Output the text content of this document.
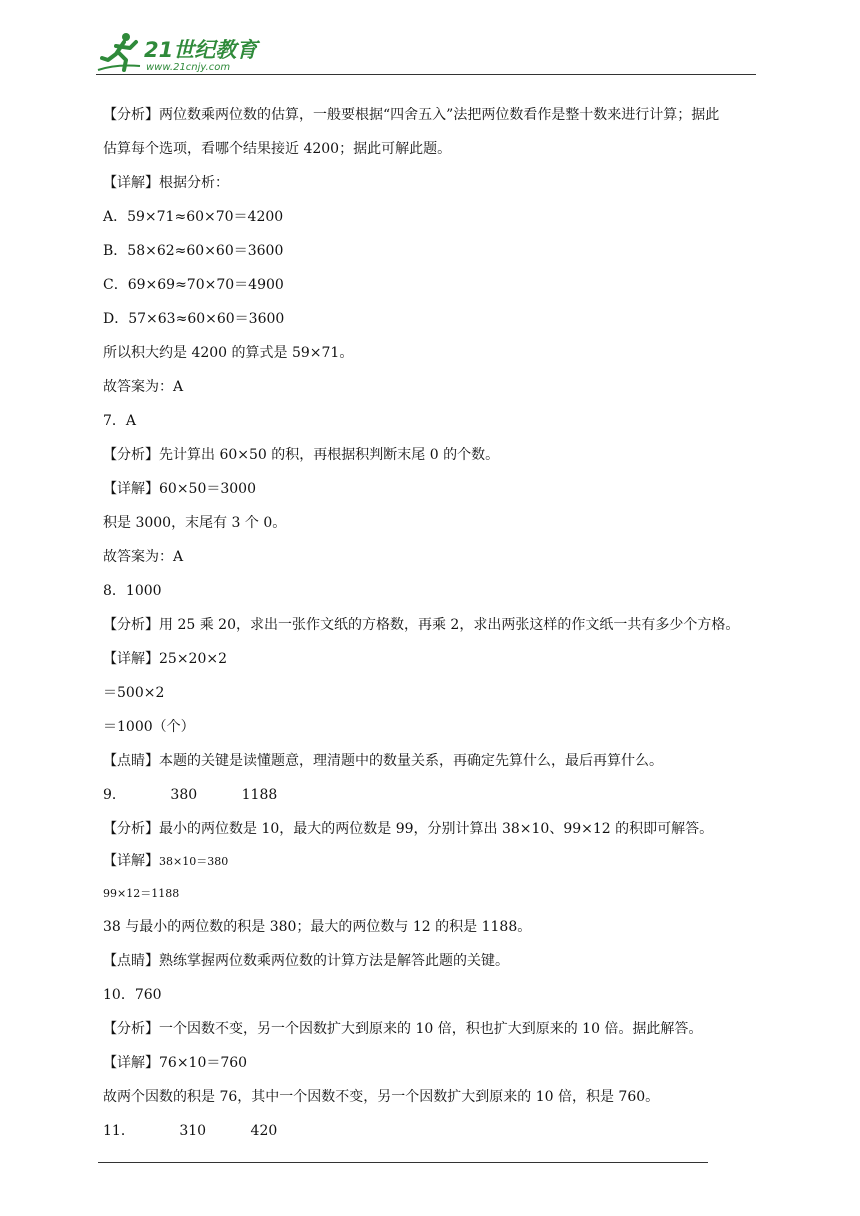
21世纪教育
www.21cnjy.com
【分析】两位数乘两位数的估算，一般要根据“四舍五入”法把两位数看作是整十数来进行计算；据此
估算每个选项，看哪个结果接近 4200；据此可解此题。
【详解】根据分析：
A．59×71≈60×70＝4200
B．58×62≈60×60＝3600
C．69×69≈70×70＝4900
D．57×63≈60×60＝3600
所以积大约是 4200 的算式是 59×71。
故答案为：A
7．A
【分析】先计算出 60×50 的积，再根据积判断末尾 0 的个数。
【详解】60×50＝3000
积是 3000，末尾有 3 个 0。
故答案为：A
8．1000
【分析】用 25 乘 20，求出一张作文纸的方格数，再乘 2，求出两张这样的作文纸一共有多少个方格。
【详解】25×20×2
＝500×2
＝1000（个）
【点睛】本题的关键是读懂题意，理清题中的数量关系，再确定先算什么，最后再算什么。
9．          380          1188
【分析】最小的两位数是 10，最大的两位数是 99，分别计算出 38×10、99×12 的积即可解答。
【详解】38×10＝380
99×12＝1188
38 与最小的两位数的积是 380；最大的两位数与 12 的积是 1188。
【点睛】熟练掌握两位数乘两位数的计算方法是解答此题的关键。
10．760
【分析】一个因数不变，另一个因数扩大到原来的 10 倍，积也扩大到原来的 10 倍。据此解答。
【详解】76×10＝760
故两个因数的积是 76，其中一个因数不变，另一个因数扩大到原来的 10 倍，积是 760。
11．          310          420
